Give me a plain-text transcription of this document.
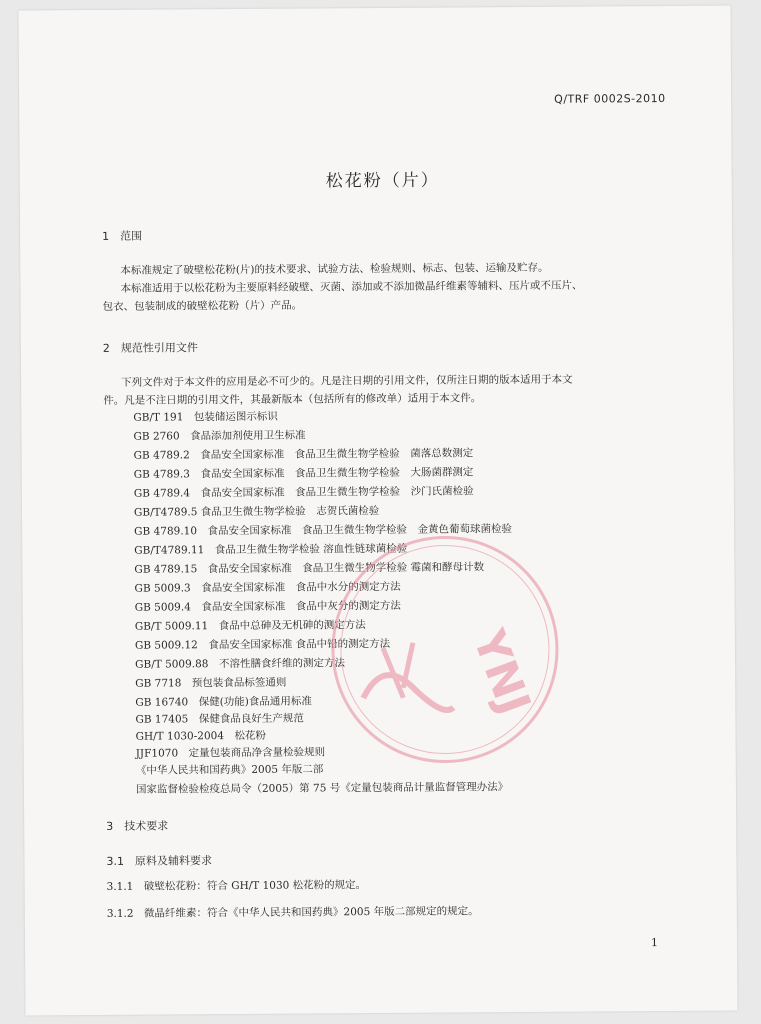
Q/TRF 0002S-2010
松花粉（片）
1　范围
本标准规定了破壁松花粉(片)的技术要求、试验方法、检验规则、标志、包装、运输及贮存。
本标准适用于以松花粉为主要原料经破壁、灭菌、添加或不添加微晶纤维素等辅料、压片或不压片、
包衣、包装制成的破壁松花粉（片）产品。
2　规范性引用文件
下列文件对于本文件的应用是必不可少的。凡是注日期的引用文件，仅所注日期的版本适用于本文
件。凡是不注日期的引用文件，其最新版本（包括所有的修改单）适用于本文件。
GB/T 191　包装储运图示标识
GB 2760　食品添加剂使用卫生标准
GB 4789.2　食品安全国家标准　食品卫生微生物学检验　菌落总数测定
GB 4789.3　食品安全国家标准　食品卫生微生物学检验　大肠菌群测定
GB 4789.4　食品安全国家标准　食品卫生微生物学检验　沙门氏菌检验
GB/T4789.5 食品卫生微生物学检验　志贺氏菌检验
GB 4789.10　食品安全国家标准　食品卫生微生物学检验　金黄色葡萄球菌检验
GB/T4789.11　食品卫生微生物学检验 溶血性链球菌检验
GB 4789.15　食品安全国家标准　食品卫生微生物学检验 霉菌和酵母计数
GB 5009.3　食品安全国家标准　食品中水分的测定方法
GB 5009.4　食品安全国家标准　食品中灰分的测定方法
GB/T 5009.11　食品中总砷及无机砷的测定方法
GB 5009.12　食品安全国家标准 食品中铅的测定方法
GB/T 5009.88　不溶性膳食纤维的测定方法
GB 7718　预包装食品标签通则
GB 16740　保健(功能)食品通用标准
GB 17405　保健食品良好生产规范
GH/T 1030-2004　松花粉
JJF1070　定量包装商品净含量检验规则
《中华人民共和国药典》2005 年版二部
国家监督检验检疫总局令（2005）第 75 号《定量包装商品计量监督管理办法》
3　技术要求
3.1　原料及辅料要求
3.1.1　破壁松花粉：符合 GH/T 1030 松花粉的规定。
3.1.2　微晶纤维素：符合《中华人民共和国药典》2005 年版二部规定的规定。
1
YNJ
